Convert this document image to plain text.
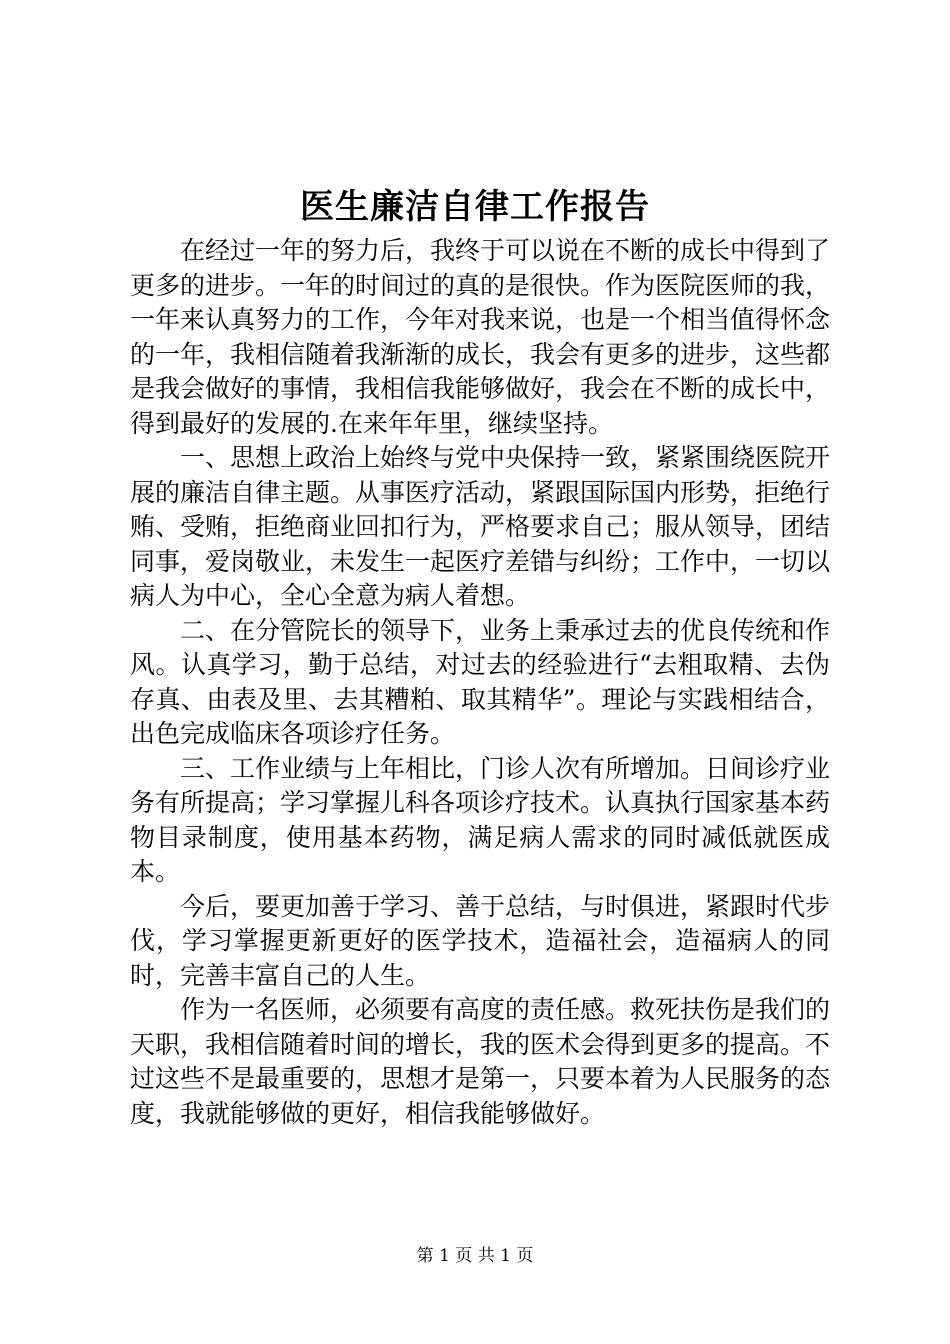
医生廉洁自律工作报告

在经过一年的努力后，我终于可以说在不断的成长中得到了更多的进步。一年的时间过的真的是很快。作为医院医师的我，一年来认真努力的工作，今年对我来说，也是一个相当值得怀念的一年，我相信随着我渐渐的成长，我会有更多的进步，这些都是我会做好的事情，我相信我能够做好，我会在不断的成长中，得到最好的发展的.在来年年里，继续坚持。

一、思想上政治上始终与党中央保持一致，紧紧围绕医院开展的廉洁自律主题。从事医疗活动，紧跟国际国内形势，拒绝行贿、受贿，拒绝商业回扣行为，严格要求自己；服从领导，团结同事，爱岗敬业，未发生一起医疗差错与纠纷；工作中，一切以病人为中心，全心全意为病人着想。

二、在分管院长的领导下，业务上秉承过去的优良传统和作风。认真学习，勤于总结，对过去的经验进行“去粗取精、去伪存真、由表及里、去其糟粕、取其精华”。理论与实践相结合，出色完成临床各项诊疗任务。

三、工作业绩与上年相比，门诊人次有所增加。日间诊疗业务有所提高；学习掌握儿科各项诊疗技术。认真执行国家基本药物目录制度，使用基本药物，满足病人需求的同时减低就医成本。

今后，要更加善于学习、善于总结，与时俱进，紧跟时代步伐，学习掌握更新更好的医学技术，造福社会，造福病人的同时，完善丰富自己的人生。

作为一名医师，必须要有高度的责任感。救死扶伤是我们的天职，我相信随着时间的增长，我的医术会得到更多的提高。不过这些不是最重要的，思想才是第一，只要本着为人民服务的态度，我就能够做的更好，相信我能够做好。

第 1 页 共 1 页
